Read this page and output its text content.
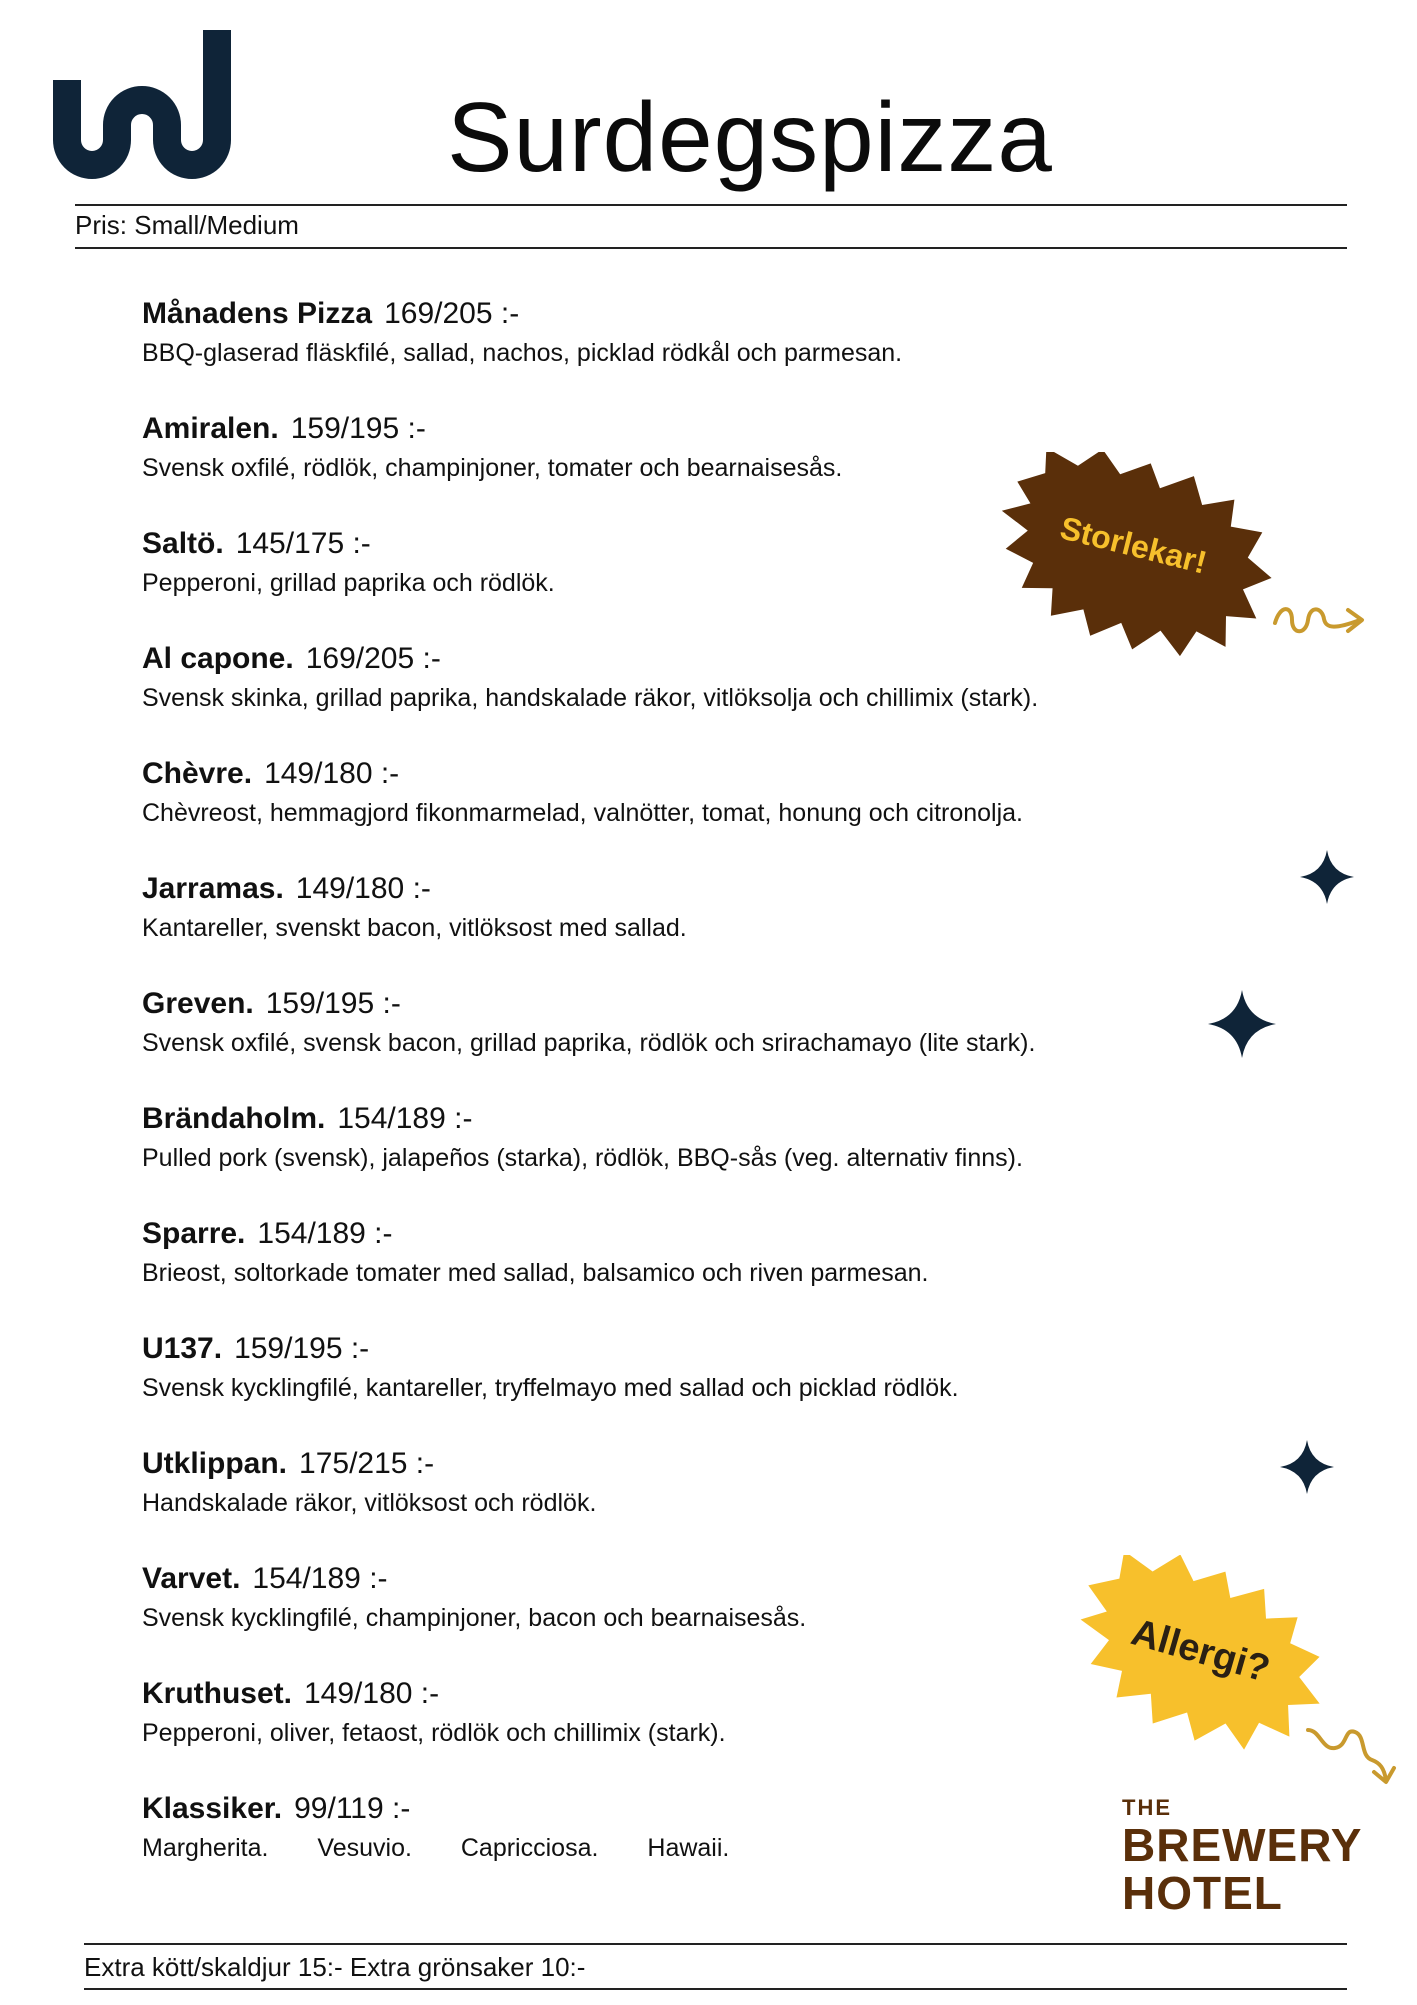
Surdegspizza
Pris: Small/Medium
Månadens Pizza 169/205 :-
BBQ-glaserad fläskfilé, sallad, nachos, picklad rödkål och parmesan.
Amiralen. 159/195 :-
Svensk oxfilé, rödlök, champinjoner, tomater och bearnaisesås.
Saltö. 145/175 :-
Pepperoni, grillad paprika och rödlök.
Al capone. 169/205 :-
Svensk skinka, grillad paprika, handskalade räkor, vitlöksolja och chillimix (stark).
Chèvre. 149/180 :-
Chèvreost, hemmagjord fikonmarmelad, valnötter, tomat, honung och citronolja.
Jarramas. 149/180 :-
Kantareller, svenskt bacon, vitlöksost med sallad.
Greven. 159/195 :-
Svensk oxfilé, svensk bacon, grillad paprika, rödlök och srirachamayo (lite stark).
Brändaholm. 154/189 :-
Pulled pork (svensk), jalapeños (starka), rödlök, BBQ-sås (veg. alternativ finns).
Sparre. 154/189 :-
Brieost, soltorkade tomater med sallad, balsamico och riven parmesan.
U137. 159/195 :-
Svensk kycklingfilé, kantareller, tryffelmayo med sallad och picklad rödlök.
Utklippan. 175/215 :-
Handskalade räkor, vitlöksost och rödlök.
Varvet. 154/189 :-
Svensk kycklingfilé, champinjoner, bacon och bearnaisesås.
Kruthuset. 149/180 :-
Pepperoni, oliver, fetaost, rödlök och chillimix (stark).
Klassiker. 99/119 :-
Margherita. Vesuvio. Capricciosa. Hawaii.
Storlekar!
Allergi?
THE
BREWERY
HOTEL
Extra kött/skaldjur 15:- Extra grönsaker 10:-
